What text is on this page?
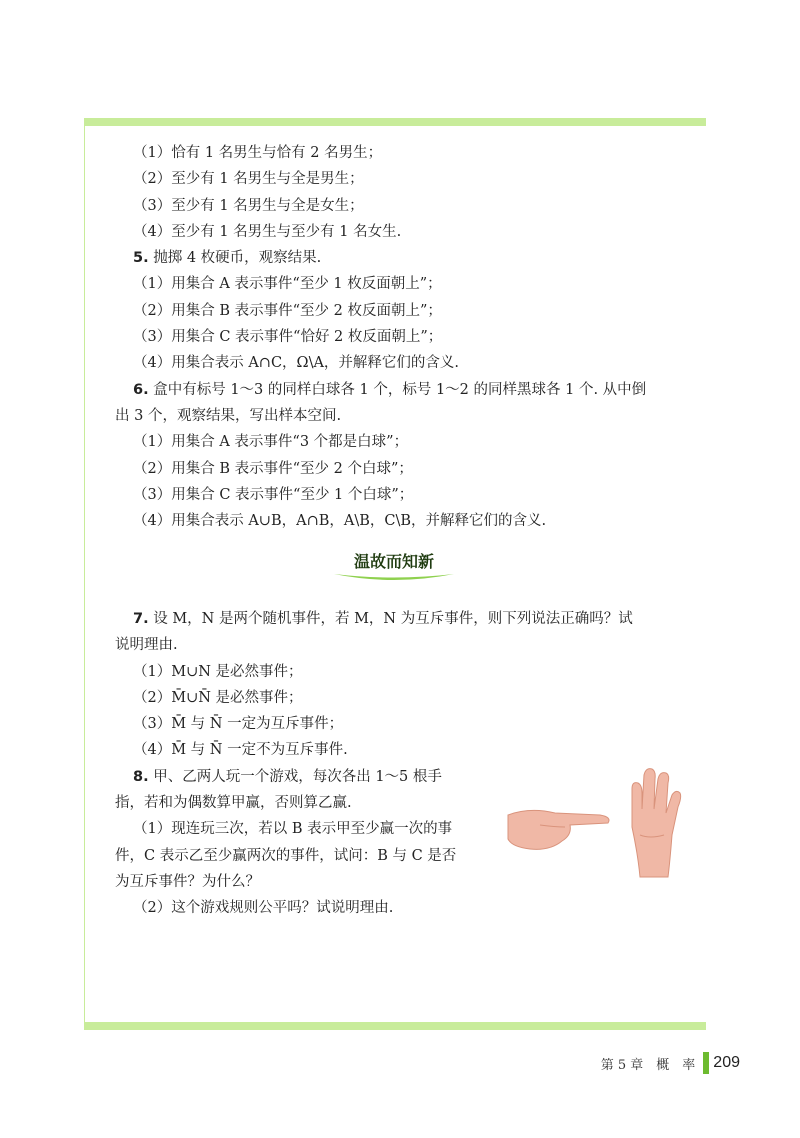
（1）恰有 1 名男生与恰有 2 名男生；
（2）至少有 1 名男生与全是男生；
（3）至少有 1 名男生与全是女生；
（4）至少有 1 名男生与至少有 1 名女生.
5. 抛掷 4 枚硬币，观察结果.
（1）用集合 A 表示事件“至少 1 枚反面朝上”；
（2）用集合 B 表示事件“至少 2 枚反面朝上”；
（3）用集合 C 表示事件“恰好 2 枚反面朝上”；
（4）用集合表示 A∩C，Ω\A，并解释它们的含义.
6. 盒中有标号 1～3 的同样白球各 1 个，标号 1～2 的同样黑球各 1 个. 从中倒
出 3 个，观察结果，写出样本空间.
（1）用集合 A 表示事件“3 个都是白球”；
（2）用集合 B 表示事件“至少 2 个白球”；
（3）用集合 C 表示事件“至少 1 个白球”；
（4）用集合表示 A∪B，A∩B，A\B，C\B，并解释它们的含义.
温故而知新
7. 设 M，N 是两个随机事件，若 M，N 为互斥事件，则下列说法正确吗？试
说明理由.
（1）M∪N 是必然事件；
（2）M̄∪N̄ 是必然事件；
（3）M̄ 与 N̄ 一定为互斥事件；
（4）M̄ 与 N̄ 一定不为互斥事件.
8. 甲、乙两人玩一个游戏，每次各出 1～5 根手
指，若和为偶数算甲赢，否则算乙赢.
（1）现连玩三次，若以 B 表示甲至少赢一次的事
件，C 表示乙至少赢两次的事件，试问：B 与 C 是否
为互斥事件？为什么？
（2）这个游戏规则公平吗？试说明理由.
第 5 章　概　率 209
